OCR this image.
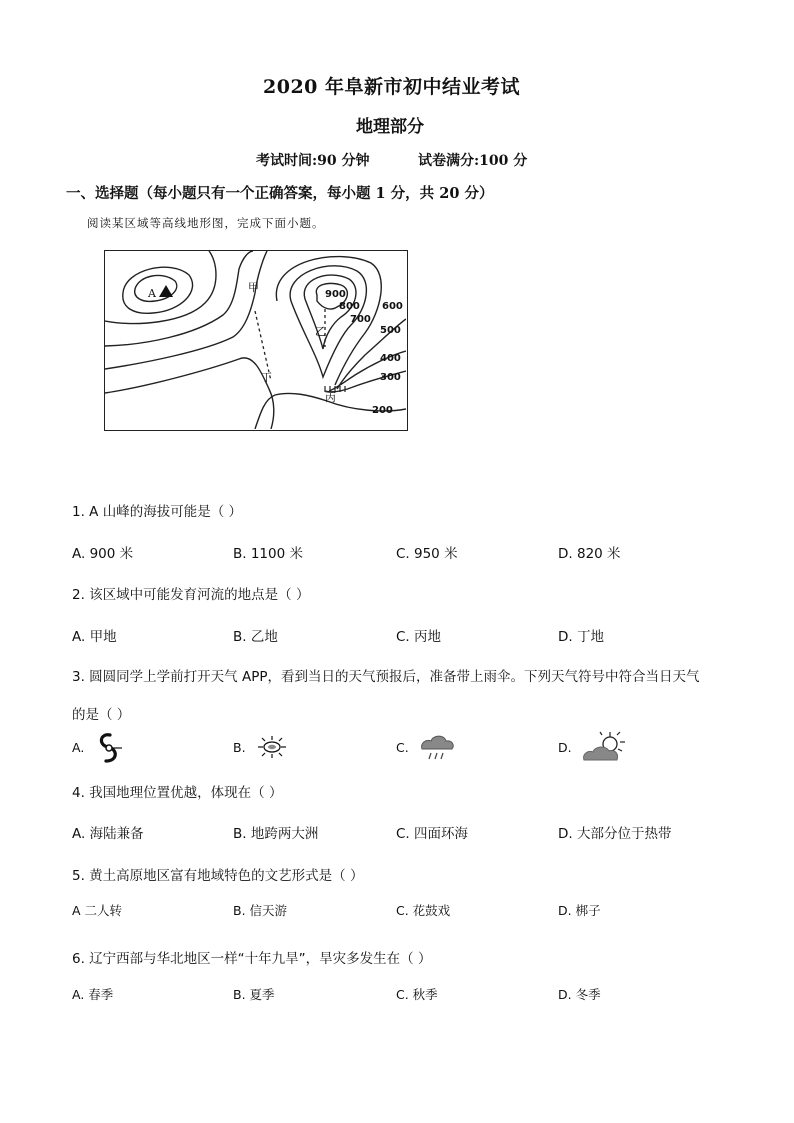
2020 年阜新市初中结业考试
地理部分
考试时间:90 分钟	试卷满分:100 分
一、选择题（每小题只有一个正确答案，每小题 1 分，共 20 分）
阅读某区域等高线地形图，完成下面小题。
A	甲
乙
丙
丁
900
800
700
600
500
400
300
200
1. A 山峰的海拔可能是（ ）
A. 900 米	B. 1100 米	C. 950 米	D. 820 米
2. 该区域中可能发育河流的地点是（ ）
A. 甲地	B. 乙地	C. 丙地	D. 丁地
3. 圆圆同学上学前打开天气 APP，看到当日的天气预报后，准备带上雨伞。下列天气符号中符合当日天气
的是（ ）
A.	B.	C.	D.
4. 我国地理位置优越，体现在（ ）
A. 海陆兼备	B. 地跨两大洲	C. 四面环海	D. 大部分位于热带
5. 黄土高原地区富有地域特色的文艺形式是（ ）
A 二人转	B. 信天游	C. 花鼓戏	D. 梆子
6. 辽宁西部与华北地区一样“十年九旱”，旱灾多发生在（ ）
A. 春季	B. 夏季	C. 秋季	D. 冬季
